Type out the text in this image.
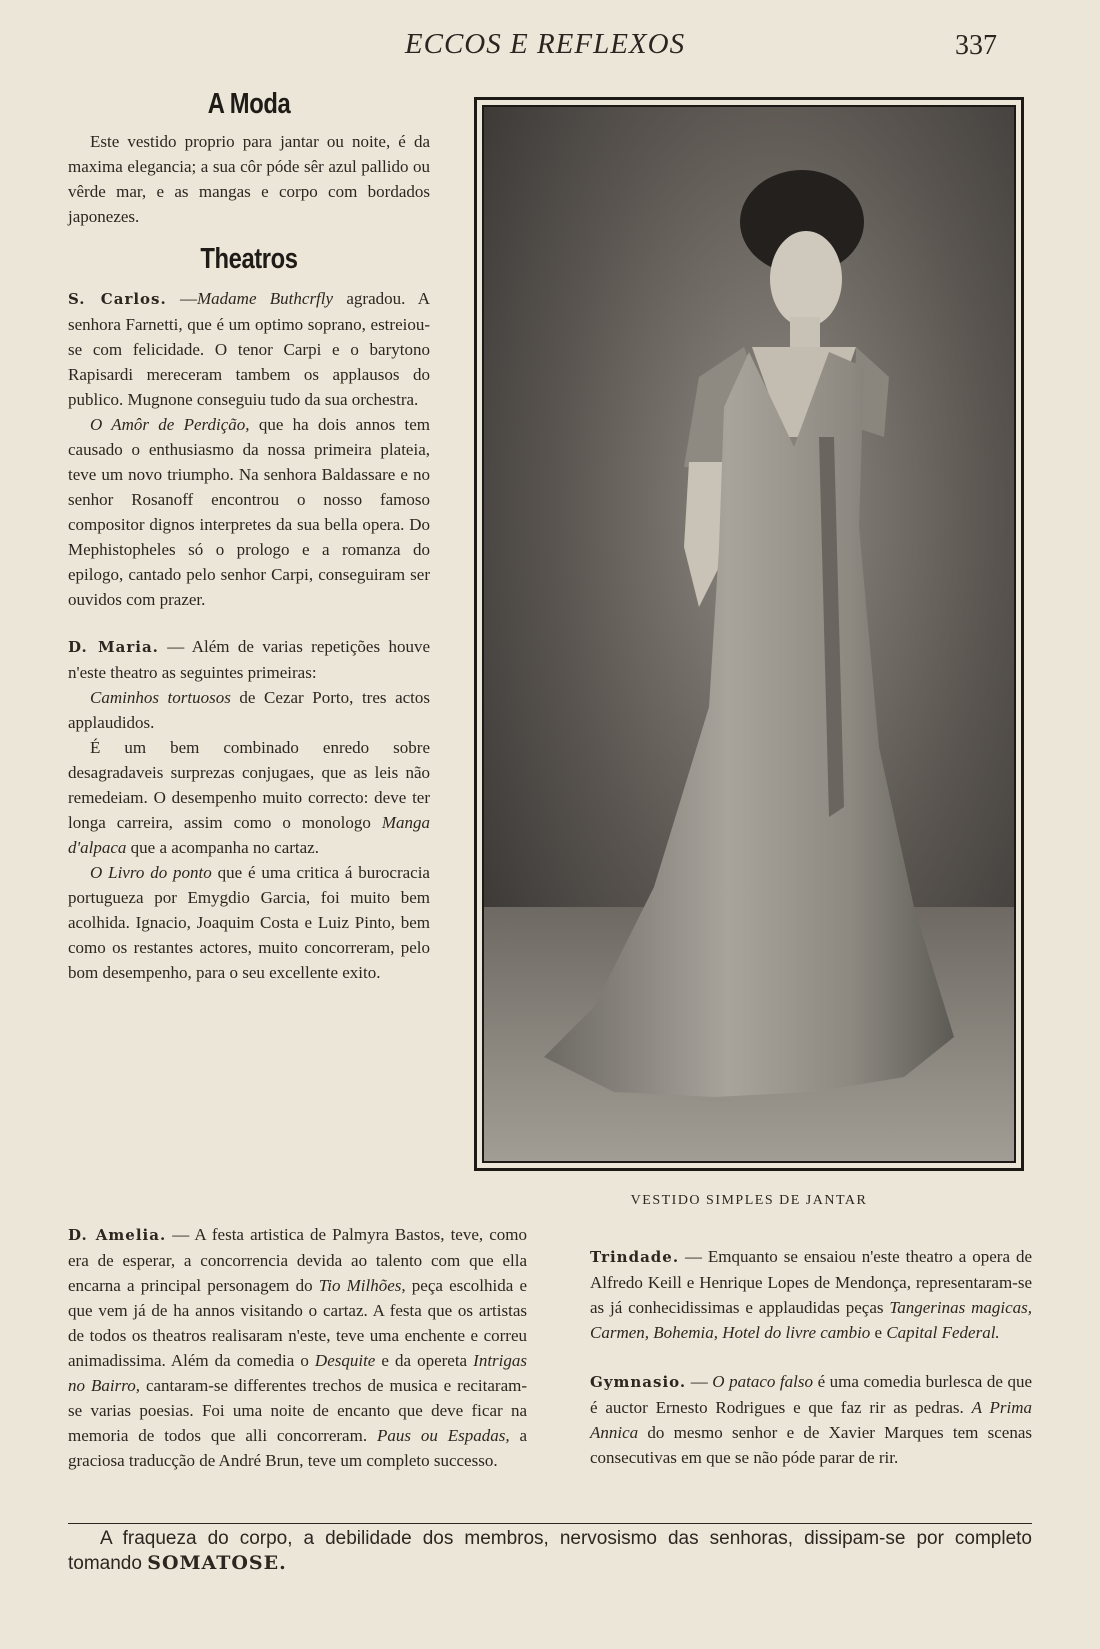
ECCOS E REFLEXOS	337
A Moda

Este vestido proprio para jantar ou noite, é da maxima elegancia; a sua côr póde sêr azul pallido ou vêrde mar, e as mangas e corpo com bordados japonezes.

Theatros

S. Carlos. —Madame Buthcrfly agradou. A senhora Farnetti, que é um optimo soprano, estreiou-se com felicidade. O tenor Carpi e o barytono Rapisardi mereceram tambem os applausos do publico. Mugnone conseguiu tudo da sua orchestra.

O Amôr de Perdição, que ha dois annos tem causado o enthusiasmo da nossa primeira plateia, teve um novo triumpho. Na senhora Baldassare e no senhor Rosanoff encontrou o nosso famoso compositor dignos interpretes da sua bella opera. Do Mephistopheles só o prologo e a romanza do epilogo, cantado pelo senhor Carpi, conseguiram ser ouvidos com prazer.

D. Maria. — Além de varias repetições houve n'este theatro as seguintes primeiras:

Caminhos tortuosos de Cezar Porto, tres actos applaudidos.

É um bem combinado enredo sobre desagradaveis surprezas conjugaes, que as leis não remedeiam. O desempenho muito correcto: deve ter longa carreira, assim como o monologo Manga d'alpaca que a acompanha no cartaz.

O Livro do ponto que é uma critica á burocracia portugueza por Emygdio Garcia, foi muito bem acolhida. Ignacio, Joaquim Costa e Luiz Pinto, bem como os restantes actores, muito concorreram, pelo bom desempenho, para o seu excellente exito.

VESTIDO SIMPLES DE JANTAR

D. Amelia. — A festa artistica de Palmyra Bastos, teve, como era de esperar, a concorrencia devida ao talento com que ella encarna a principal personagem do Tio Milhões, peça escolhida e que vem já de ha annos visitando o cartaz. A festa que os artistas de todos os theatros realisaram n'este, teve uma enchente e correu animadissima. Além da comedia o Desquite e da opereta Intrigas no Bairro, cantaram-se differentes trechos de musica e recitaram-se varias poesias. Foi uma noite de encanto que deve ficar na memoria de todos que alli concorreram. Paus ou Espadas, a graciosa traducção de André Brun, teve um completo successo.

Trindade. — Emquanto se ensaiou n'este theatro a opera de Alfredo Keill e Henrique Lopes de Mendonça, representaram-se as já conhecidissimas e applaudidas peças Tangerinas magicas, Carmen, Bohemia, Hotel do livre cambio e Capital Federal.

Gymnasio. — O pataco falso é uma comedia burlesca de que é auctor Ernesto Rodrigues e que faz rir as pedras. A Prima Annica do mesmo senhor e de Xavier Marques tem scenas consecutivas em que se não póde parar de rir.

A fraqueza do corpo, a debilidade dos membros, nervosismo das senhoras, dissipam-se por completo tomando SOMATOSE.
